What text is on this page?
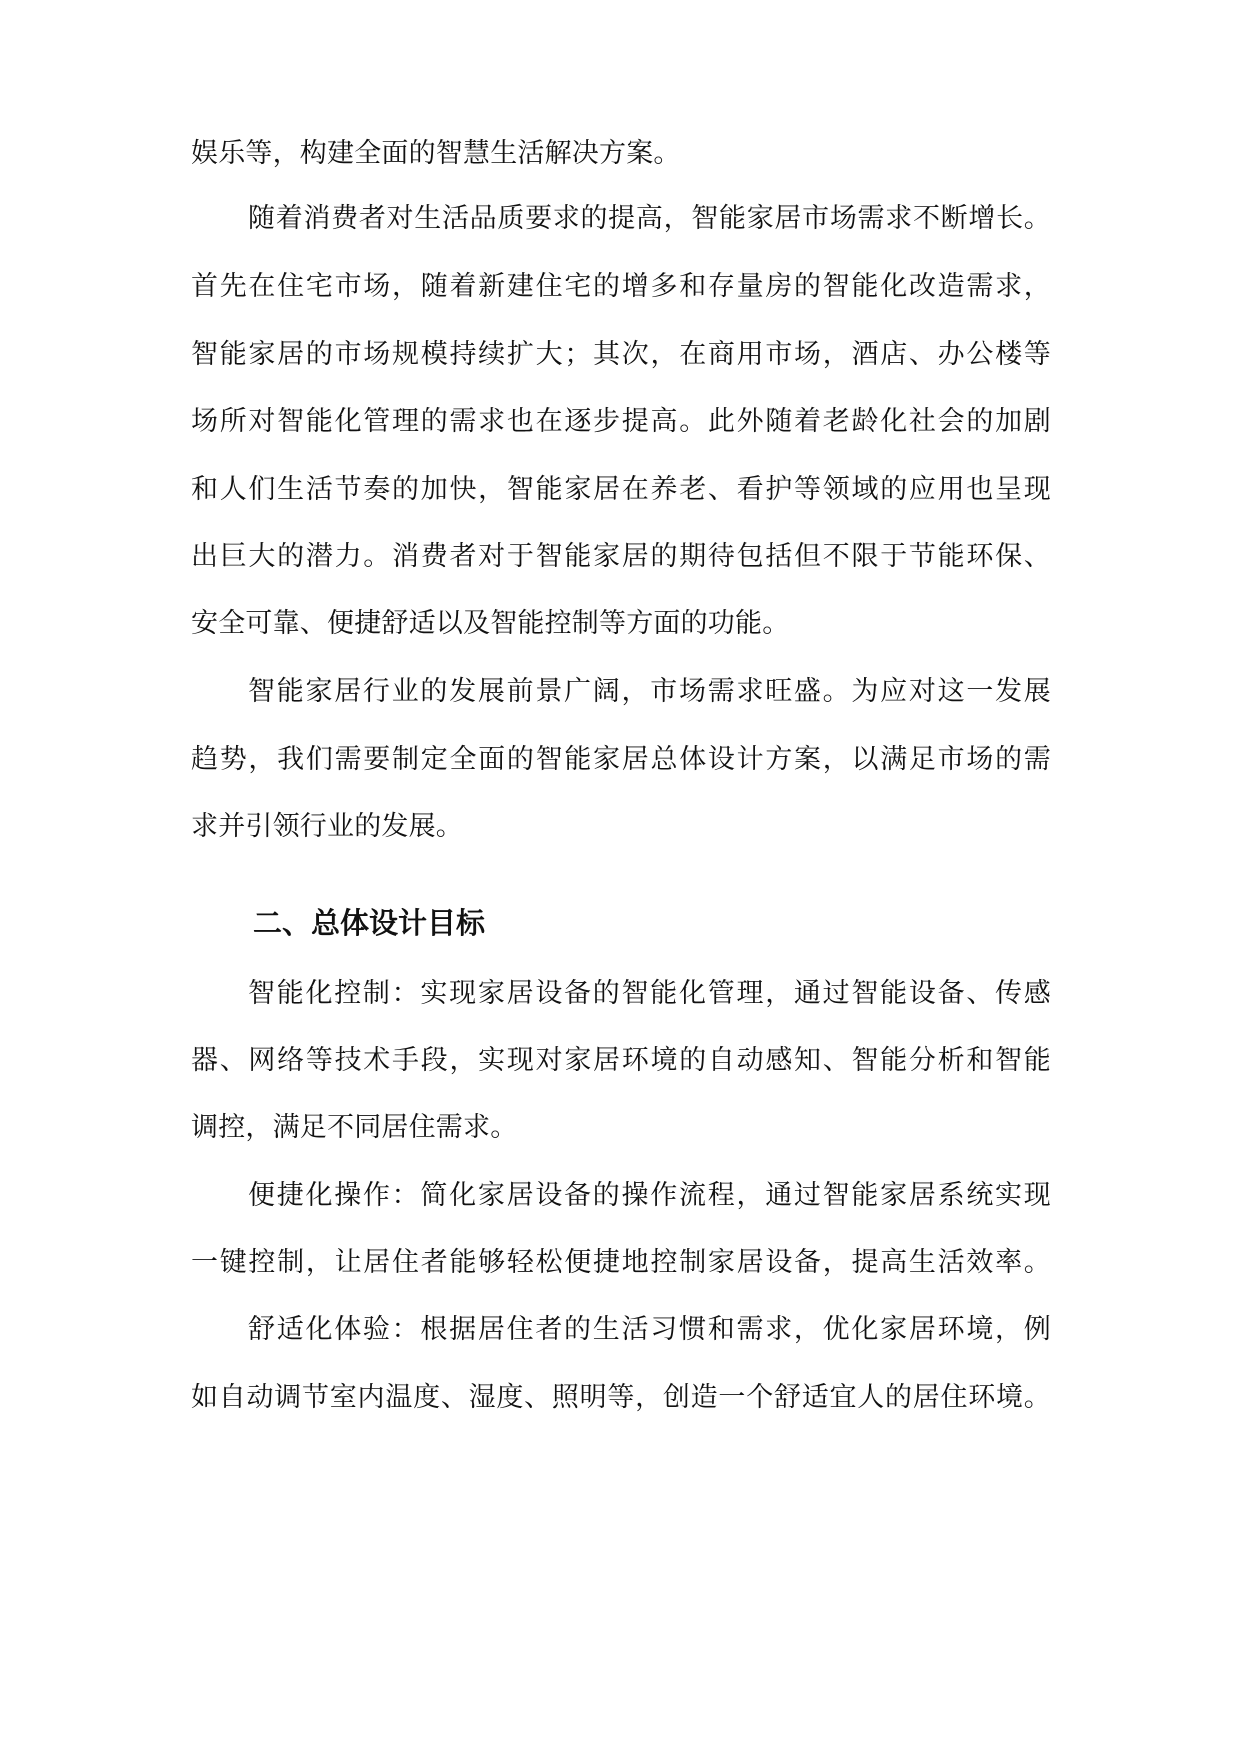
娱乐等，构建全面的智慧生活解决方案。
随着消费者对生活品质要求的提高，智能家居市场需求不断增长。
首先在住宅市场，随着新建住宅的增多和存量房的智能化改造需求，
智能家居的市场规模持续扩大；其次，在商用市场，酒店、办公楼等
场所对智能化管理的需求也在逐步提高。此外随着老龄化社会的加剧
和人们生活节奏的加快，智能家居在养老、看护等领域的应用也呈现
出巨大的潜力。消费者对于智能家居的期待包括但不限于节能环保、
安全可靠、便捷舒适以及智能控制等方面的功能。
智能家居行业的发展前景广阔，市场需求旺盛。为应对这一发展
趋势，我们需要制定全面的智能家居总体设计方案，以满足市场的需
求并引领行业的发展。
二、总体设计目标
智能化控制：实现家居设备的智能化管理，通过智能设备、传感
器、网络等技术手段，实现对家居环境的自动感知、智能分析和智能
调控，满足不同居住需求。
便捷化操作：简化家居设备的操作流程，通过智能家居系统实现
一键控制，让居住者能够轻松便捷地控制家居设备，提高生活效率。
舒适化体验：根据居住者的生活习惯和需求，优化家居环境，例
如自动调节室内温度、湿度、照明等，创造一个舒适宜人的居住环境。
